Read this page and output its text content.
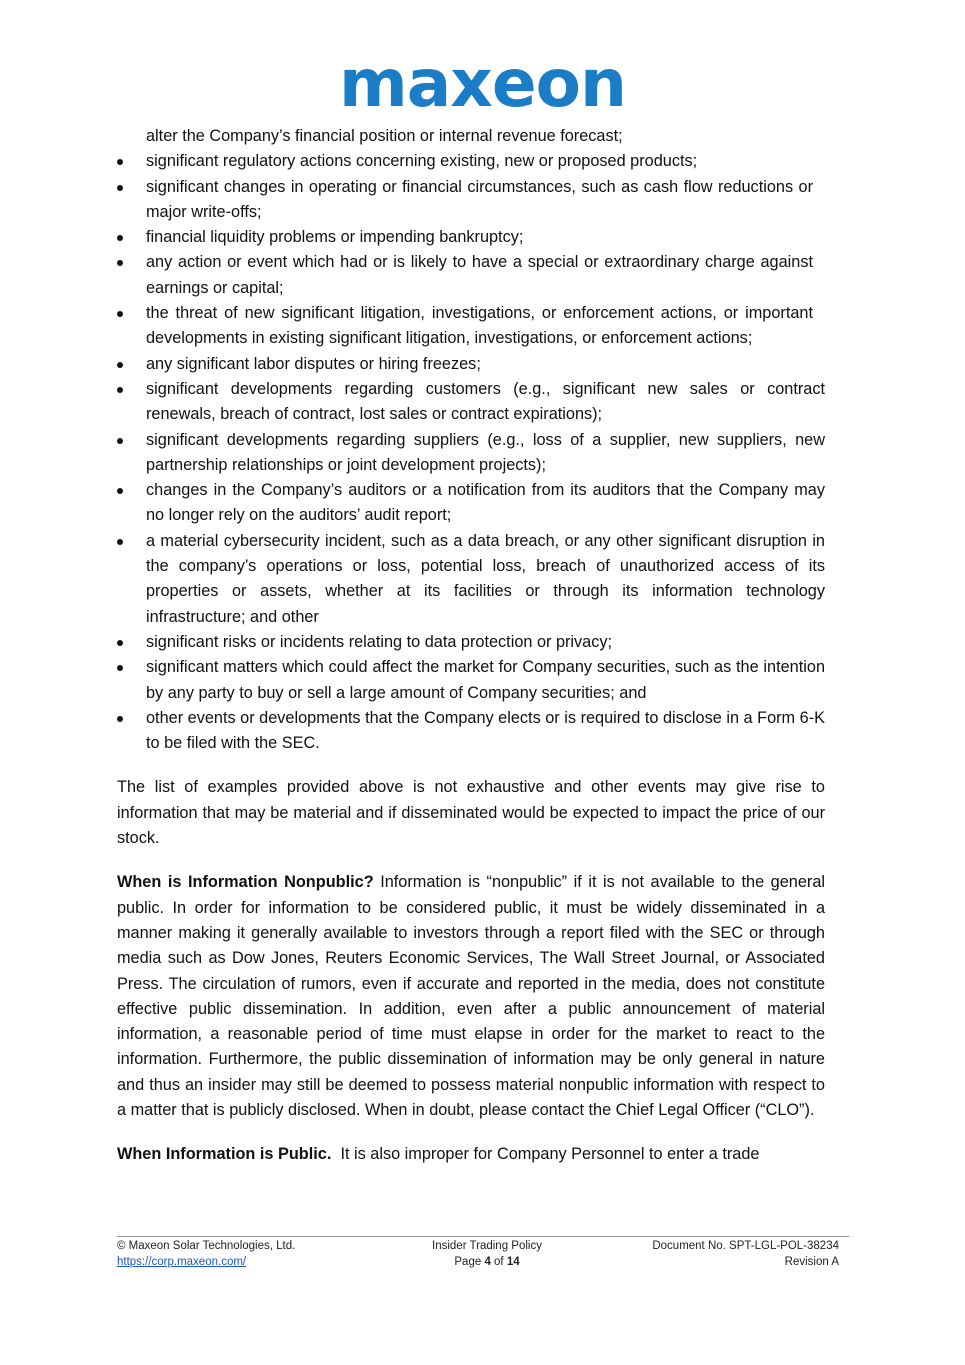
maxeon
alter the Company’s financial position or internal revenue forecast;
significant regulatory actions concerning existing, new or proposed products;
significant changes in operating or financial circumstances, such as cash flow reductions or major write-offs;
financial liquidity problems or impending bankruptcy;
any action or event which had or is likely to have a special or extraordinary charge against earnings or capital;
the threat of new significant litigation, investigations, or enforcement actions, or important developments in existing significant litigation, investigations, or enforcement actions;
any significant labor disputes or hiring freezes;
significant developments regarding customers (e.g., significant new sales or contract renewals, breach of contract, lost sales or contract expirations);
significant developments regarding suppliers (e.g., loss of a supplier, new suppliers, new partnership relationships or joint development projects);
changes in the Company’s auditors or a notification from its auditors that the Company may no longer rely on the auditors’ audit report;
a material cybersecurity incident, such as a data breach, or any other significant disruption in the company’s operations or loss, potential loss, breach of unauthorized access of its properties or assets, whether at its facilities or through its information technology infrastructure; and other
significant risks or incidents relating to data protection or privacy;
significant matters which could affect the market for Company securities, such as the intention by any party to buy or sell a large amount of Company securities; and
other events or developments that the Company elects or is required to disclose in a Form 6-K to be filed with the SEC.

The list of examples provided above is not exhaustive and other events may give rise to information that may be material and if disseminated would be expected to impact the price of our stock.

When is Information Nonpublic? Information is “nonpublic” if it is not available to the general public. In order for information to be considered public, it must be widely disseminated in a manner making it generally available to investors through a report filed with the SEC or through media such as Dow Jones, Reuters Economic Services, The Wall Street Journal, or Associated Press. The circulation of rumors, even if accurate and reported in the media, does not constitute effective public dissemination. In addition, even after a public announcement of material information, a reasonable period of time must elapse in order for the market to react to the information. Furthermore, the public dissemination of information may be only general in nature and thus an insider may still be deemed to possess material nonpublic information with respect to a matter that is publicly disclosed. When in doubt, please contact the Chief Legal Officer (“CLO”).

When Information is Public.  It is also improper for Company Personnel to enter a trade

© Maxeon Solar Technologies, Ltd.
https://corp.maxeon.com/
Insider Trading Policy
Page 4 of 14
Document No. SPT-LGL-POL-38234
Revision A
